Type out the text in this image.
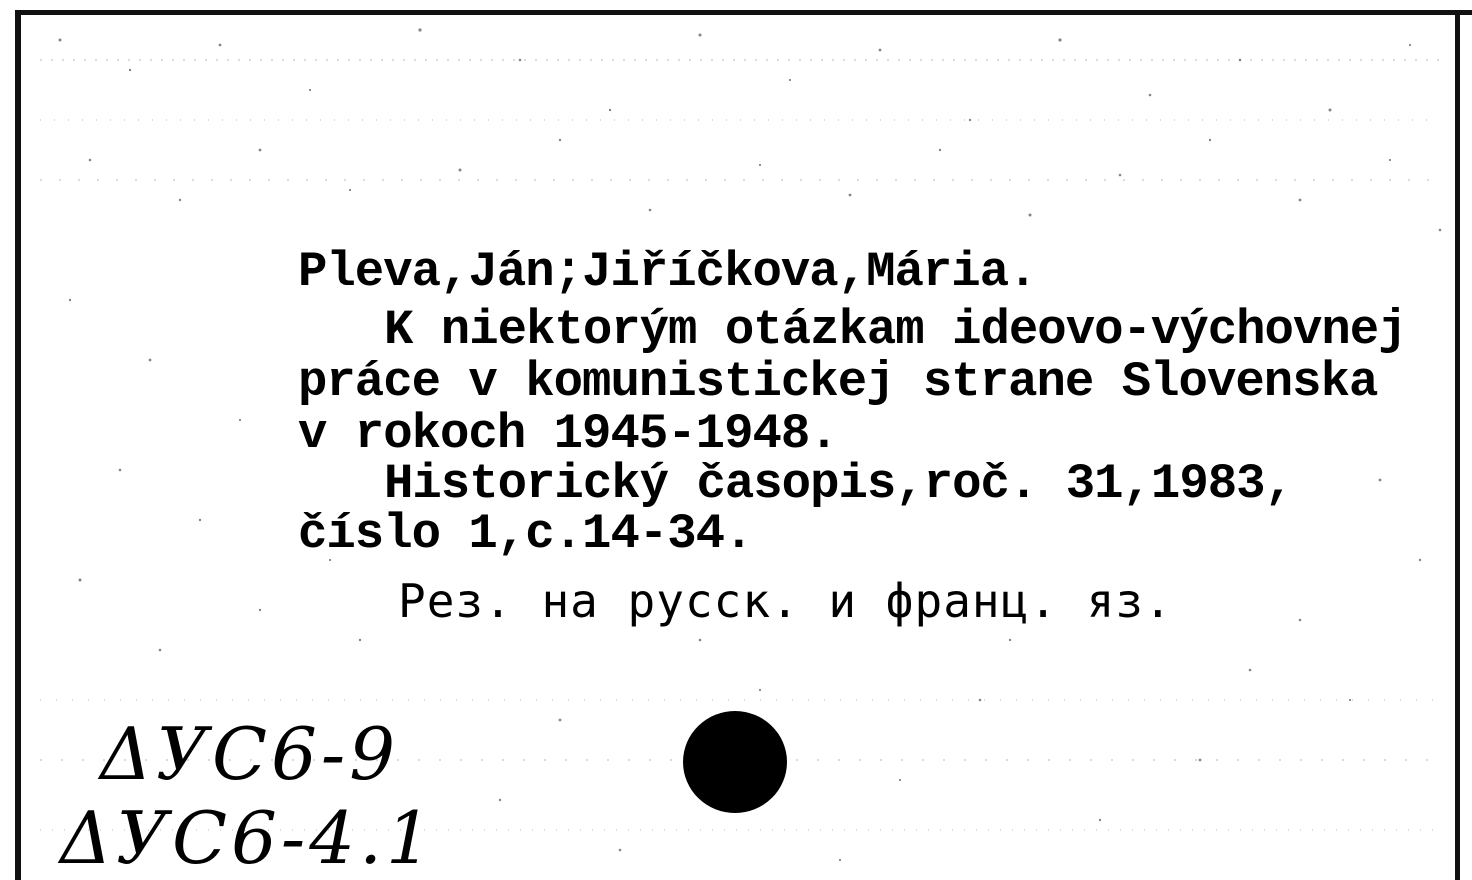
Pleva,Ján;Jiříčkova,Mária.
K niektorým otázkam ideovo-výchovnej
práce v komunistickej strane Slovenska
v rokoch 1945-1948.
Historický časopis,roč. 31,1983,
číslo 1,c.14-34.
Рез. на русск. и франц. яз.
ΔУС6-9
ΔУС6-4.1
